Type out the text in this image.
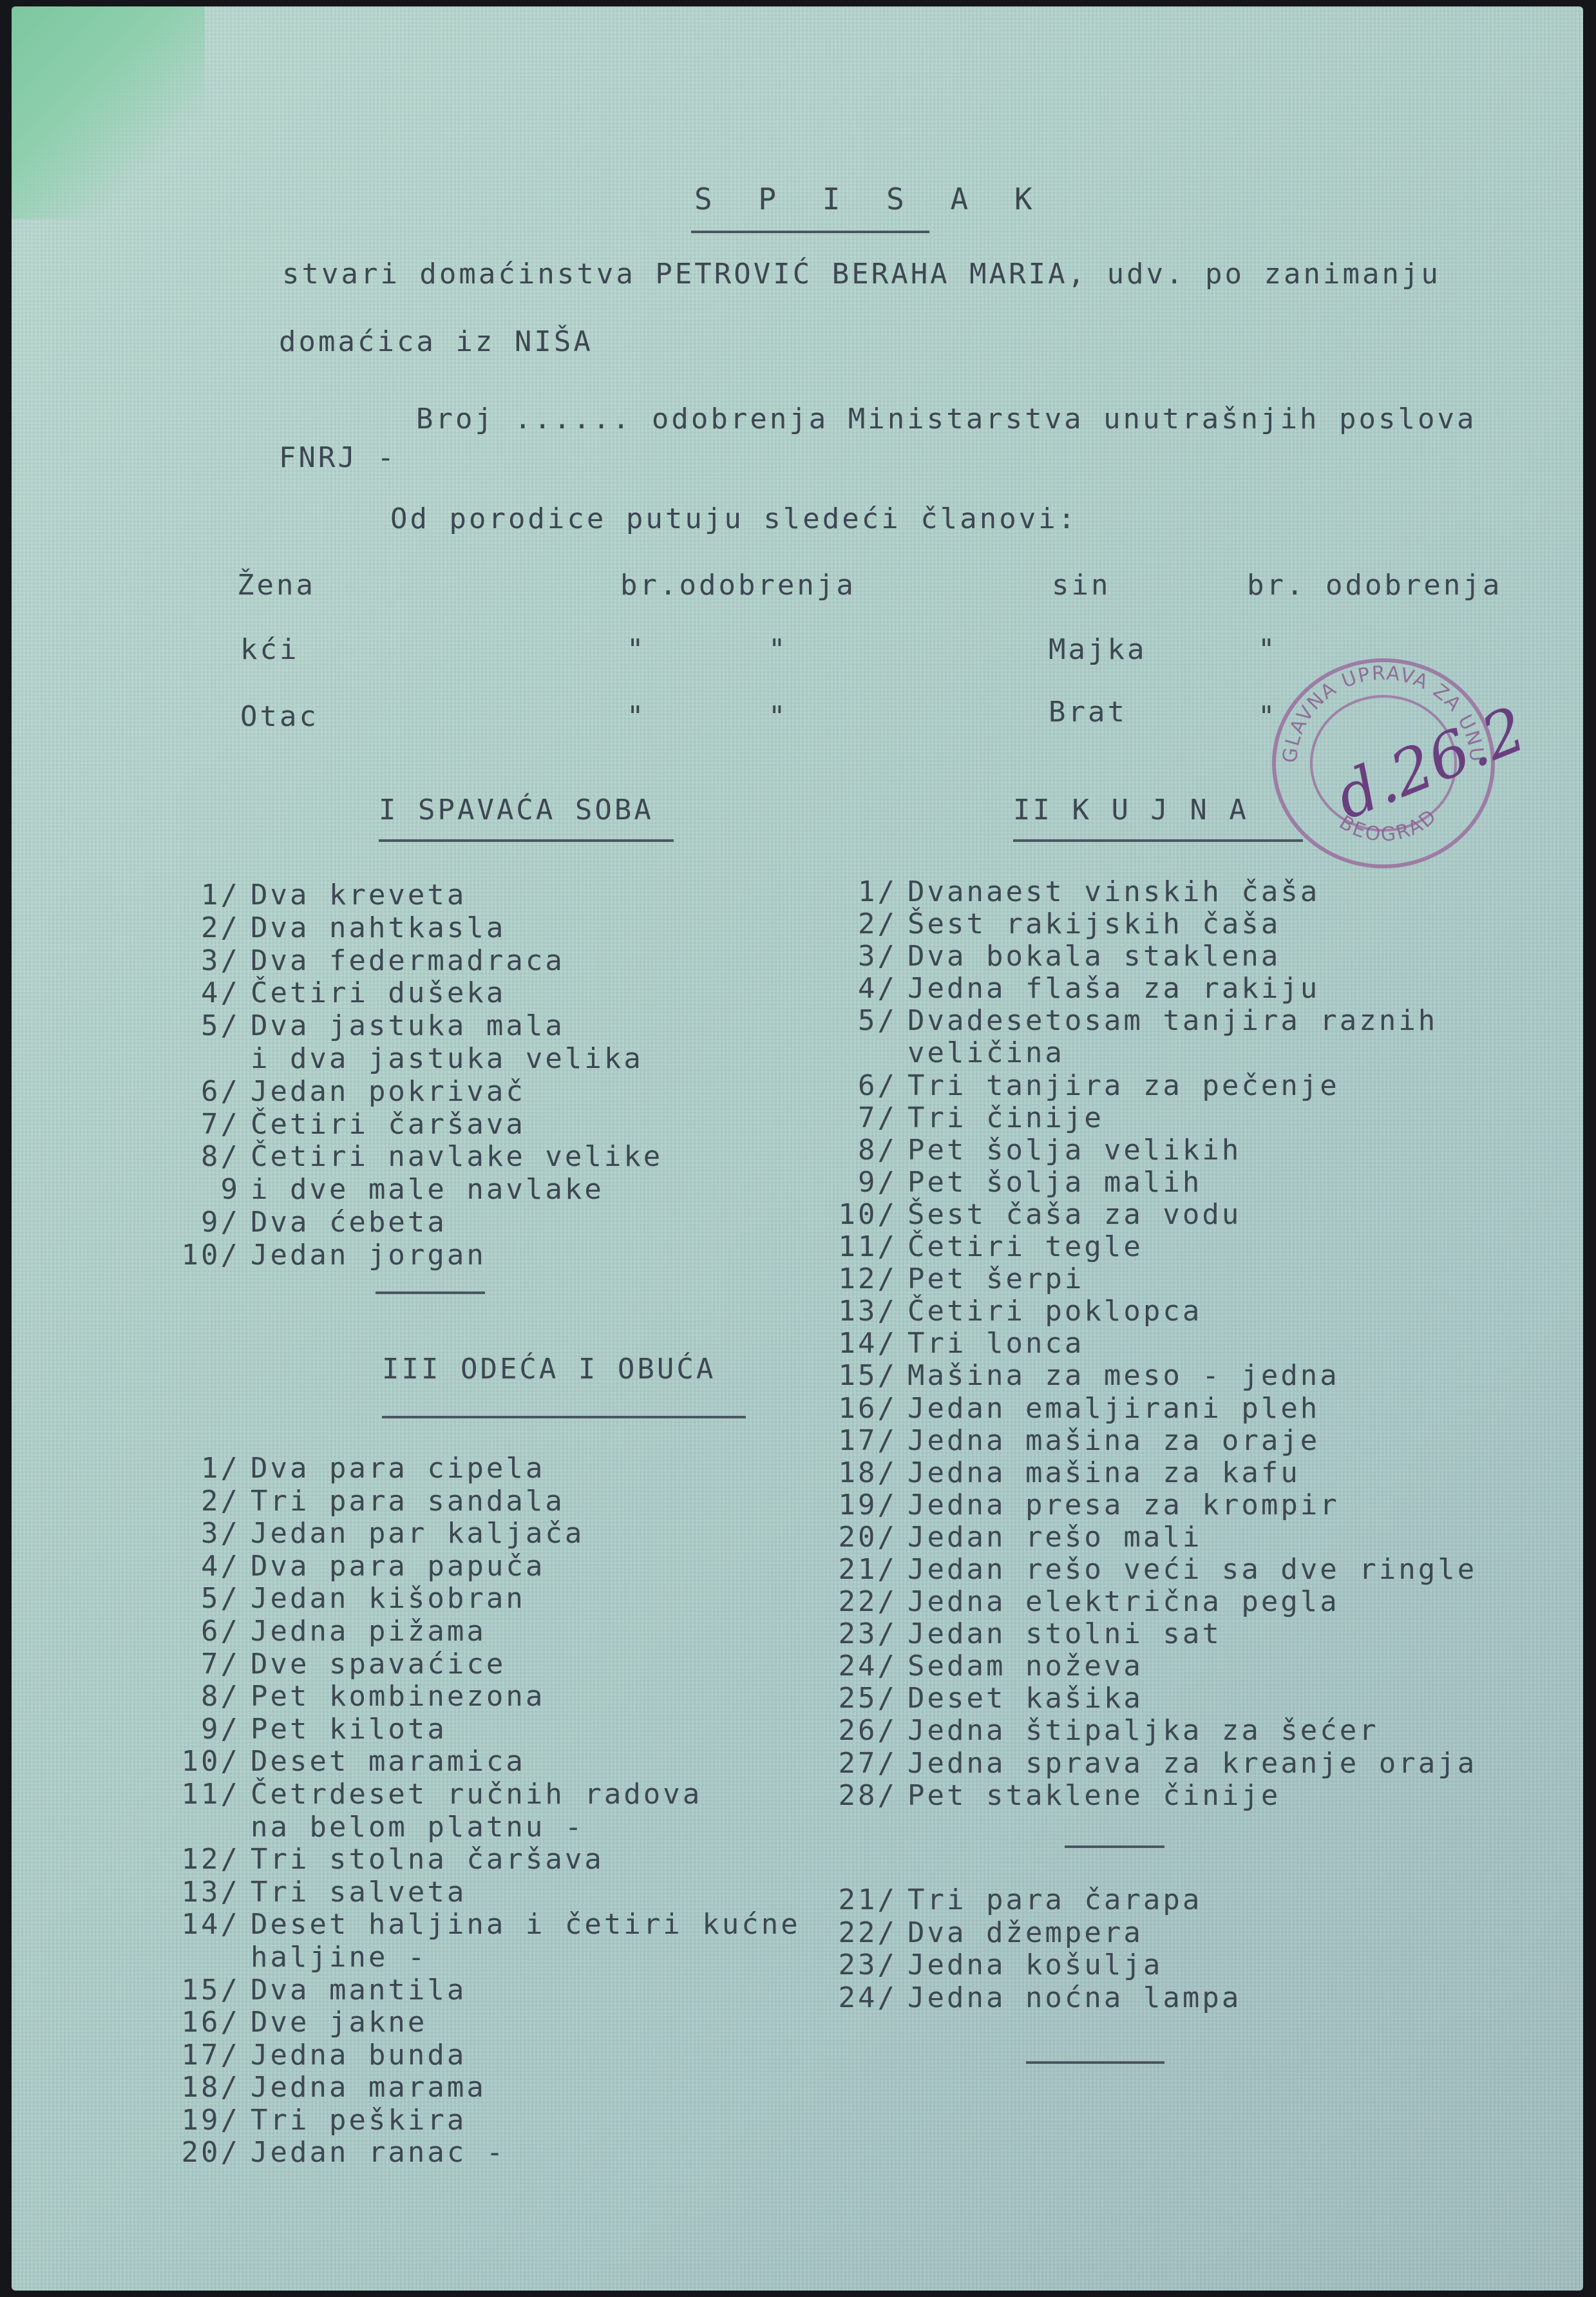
S P I S A K
stvari domaćinstva PETROVIĆ BERAHA MARIA, udv. po zanimanju
domaćica iz NIŠA
Broj ...... odobrenja Ministarstva unutrašnjih poslova
FNRJ -
Od porodice putuju sledeći članovi:
Žena	br.odobrenja	sin	br. odobrenja
kći	"	"	Majka	"
Otac	"	"	Brat	"
I SPAVAĆA SOBA	II K U J N A
1/ Dva kreveta
2/ Dva nahtkasla
3/ Dva federmadraca
4/ Četiri dušeka
5/ Dva jastuka mala
i dva jastuka velika
6/ Jedan pokrivač
7/ Četiri čaršava
8/ Četiri navlake velike
9 i dve male navlake
9/ Dva ćebeta
10/ Jedan jorgan
III ODEĆA I OBUĆA
1/ Dva para cipela
2/ Tri para sandala
3/ Jedan par kaljača
4/ Dva para papuča
5/ Jedan kišobran
6/ Jedna pižama
7/ Dve spavaćice
8/ Pet kombinezona
9/ Pet kilota
10/ Deset maramica
11/ Četrdeset ručnih radova
na belom platnu -
12/ Tri stolna čaršava
13/ Tri salveta
14/ Deset haljina i četiri kućne
haljine -
15/ Dva mantila
16/ Dve jakne
17/ Jedna bunda
18/ Jedna marama
19/ Tri peškira
20/ Jedan ranac -
1/ Dvanaest vinskih čaša
2/ Šest rakijskih čaša
3/ Dva bokala staklena
4/ Jedna flaša za rakiju
5/ Dvadesetosam tanjira raznih
veličina
6/ Tri tanjira za pečenje
7/ Tri činije
8/ Pet šolja velikih
9/ Pet šolja malih
10/ Šest čaša za vodu
11/ Četiri tegle
12/ Pet šerpi
13/ Četiri poklopca
14/ Tri lonca
15/ Mašina za meso - jedna
16/ Jedan emaljirani pleh
17/ Jedna mašina za oraje
18/ Jedna mašina za kafu
19/ Jedna presa za krompir
20/ Jedan rešo mali
21/ Jedan rešo veći sa dve ringle
22/ Jedna električna pegla
23/ Jedan stolni sat
24/ Sedam noževa
25/ Deset kašika
26/ Jedna štipaljka za šećer
27/ Jedna sprava za kreanje oraja
28/ Pet staklene činije
21/ Tri para čarapa
22/ Dva džempera
23/ Jedna košulja
24/ Jedna noćna lampa
GLAVNA UPRAVA ZA UNU
BEOGRAD
d.26.20
